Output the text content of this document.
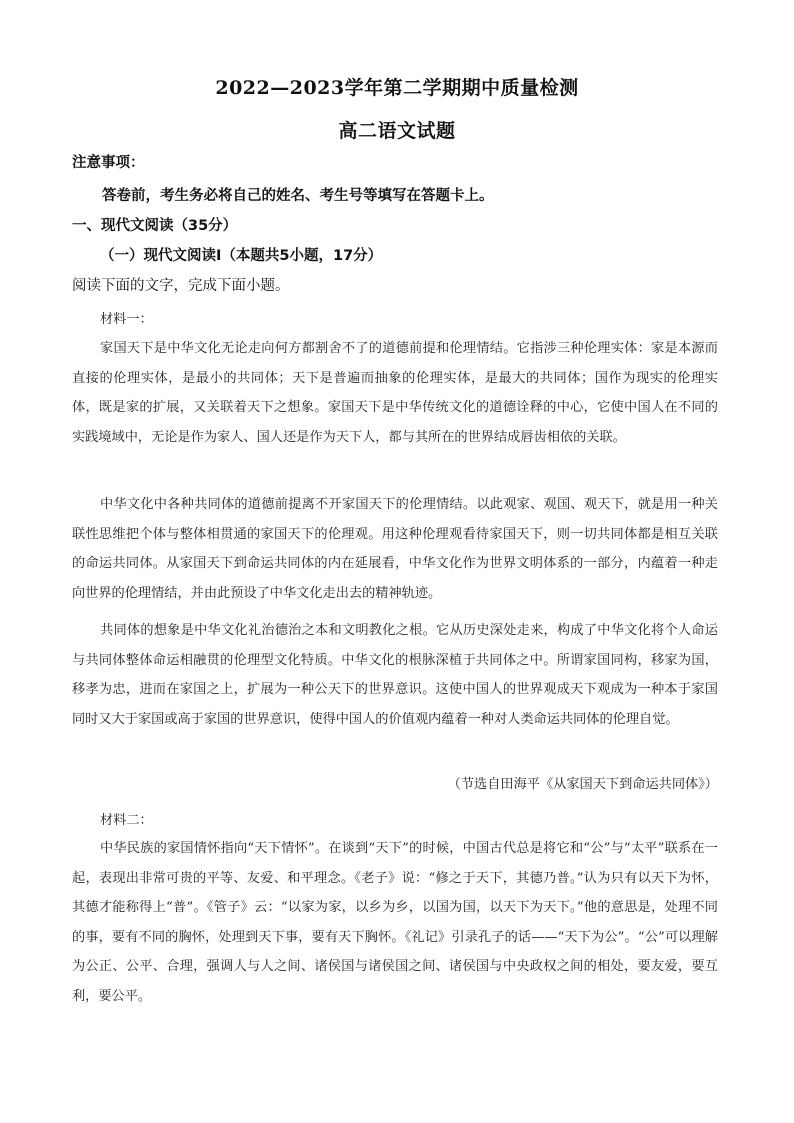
2022—2023学年第二学期期中质量检测
高二语文试题
注意事项：
答卷前，考生务必将自己的姓名、考生号等填写在答题卡上。
一、现代文阅读（35分）
（一）现代文阅读Ⅰ（本题共5小题，17分）
阅读下面的文字，完成下面小题。

材料一：

家国天下是中华文化无论走向何方都割舍不了的道德前提和伦理情结。它指涉三种伦理实体：家是本源而直接的伦理实体，是最小的共同体；天下是普遍而抽象的伦理实体，是最大的共同体；国作为现实的伦理实体，既是家的扩展，又关联着天下之想象。家国天下是中华传统文化的道德诠释的中心，它使中国人在不同的实践境域中，无论是作为家人、国人还是作为天下人，都与其所在的世界结成唇齿相依的关联。

中华文化中各种共同体的道德前提离不开家国天下的伦理情结。以此观家、观国、观天下，就是用一种关联性思维把个体与整体相贯通的家国天下的伦理观。用这种伦理观看待家国天下，则一切共同体都是相互关联的命运共同体。从家国天下到命运共同体的内在延展看，中华文化作为世界文明体系的一部分，内蕴着一种走向世界的伦理情结，并由此预设了中华文化走出去的精神轨迹。

共同体的想象是中华文化礼治德治之本和文明教化之根。它从历史深处走来，构成了中华文化将个人命运与共同体整体命运相融贯的伦理型文化特质。中华文化的根脉深植于共同体之中。所谓家国同构，移家为国，移孝为忠，进而在家国之上，扩展为一种公天下的世界意识。这使中国人的世界观成天下观成为一种本于家国同时又大于家国或高于家国的世界意识，使得中国人的价值观内蕴着一种对人类命运共同体的伦理自觉。

（节选自田海平《从家国天下到命运共同体》）

材料二：

中华民族的家国情怀指向“天下情怀”。在谈到“天下”的时候，中国古代总是将它和“公”与“太平”联系在一起，表现出非常可贵的平等、友爱、和平理念。《老子》说：“修之于天下，其德乃普。”认为只有以天下为怀，其德才能称得上“普”。《管子》云：“以家为家，以乡为乡，以国为国，以天下为天下。”他的意思是，处理不同的事，要有不同的胸怀，处理到天下事，要有天下胸怀。《礼记》引录孔子的话——“天下为公”。“公”可以理解为公正、公平、合理，强调人与人之间、诸侯国与诸侯国之间、诸侯国与中央政权之间的相处，要友爱，要互利，要公平。
